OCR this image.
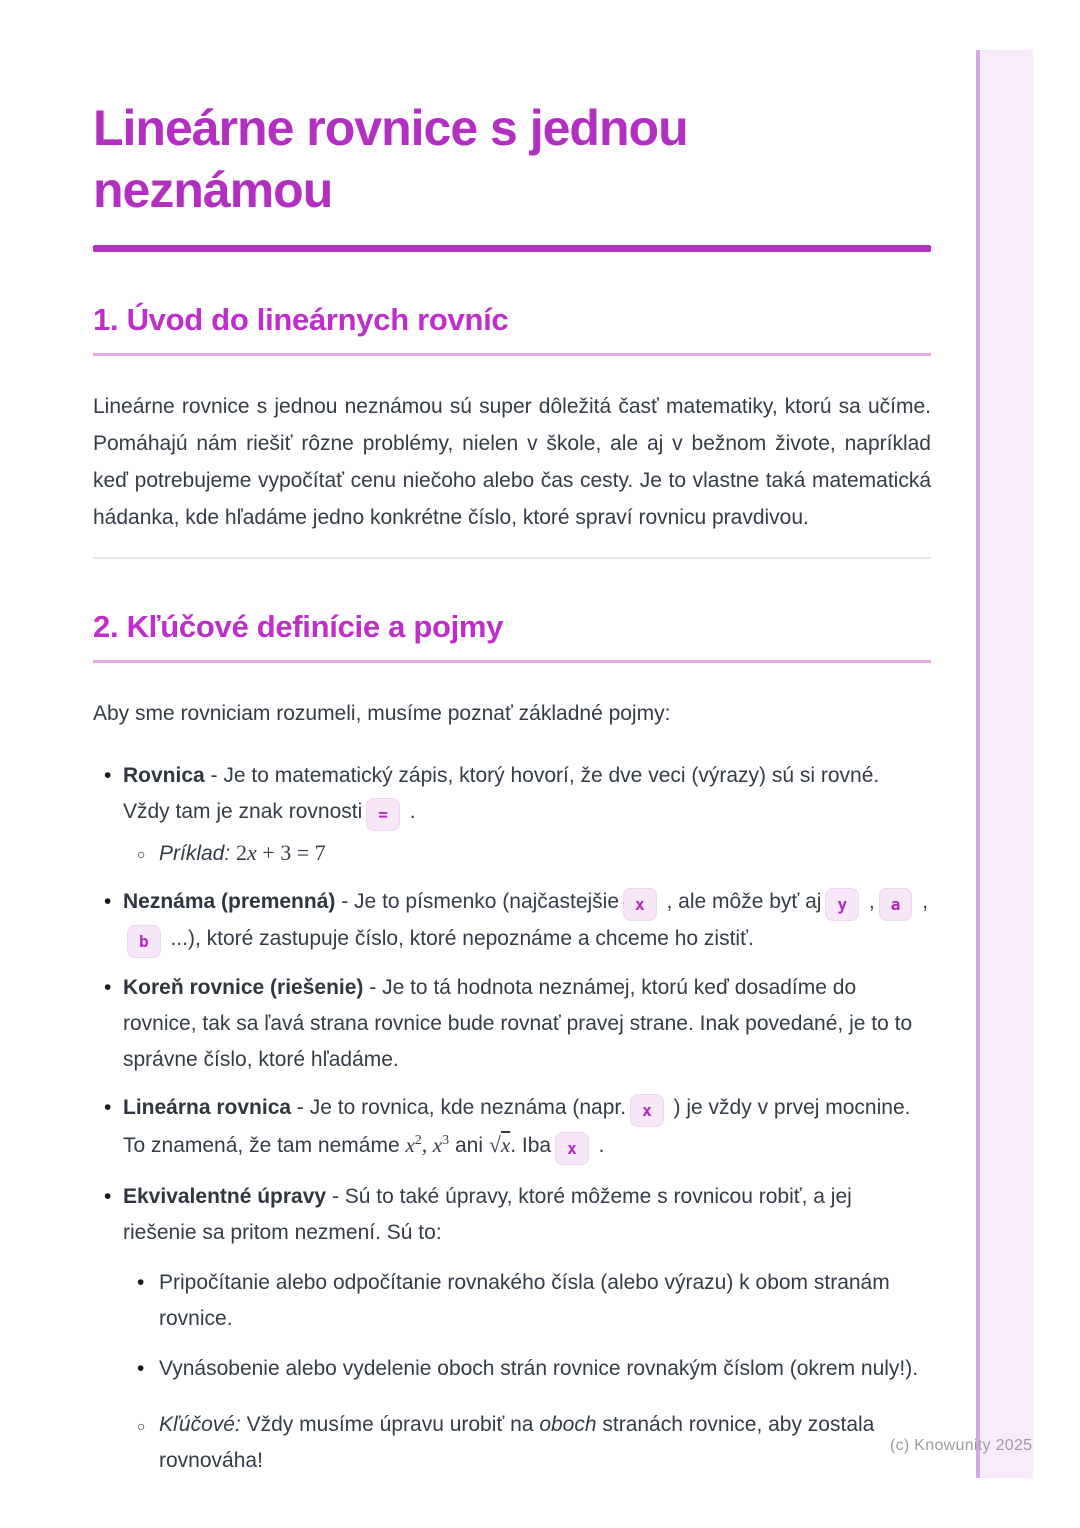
(c) Knowunity 2025
Lineárne rovnice s jednou neznámou
1. Úvod do lineárnych rovníc

Lineárne rovnice s jednou neznámou sú super dôležitá časť matematiky, ktorú sa učíme. Pomáhajú nám riešiť rôzne problémy, nielen v škole, ale aj v bežnom živote, napríklad keď potrebujeme vypočítať cenu niečoho alebo čas cesty. Je to vlastne taká matematická hádanka, kde hľadáme jedno konkrétne číslo, ktoré spraví rovnicu pravdivou.

2. Kľúčové definície a pojmy

Aby sme rovniciam rozumeli, musíme poznať základné pojmy:

• Rovnica - Je to matematický zápis, ktorý hovorí, že dve veci (výrazy) sú si rovné. Vždy tam je znak rovnosti = .
○ Príklad: 2x + 3 = 7
• Neznáma (premenná) - Je to písmenko (najčastejšie x , ale môže byť aj y , a ,b ...), ktoré zastupuje číslo, ktoré nepoznáme a chceme ho zistiť.
• Koreň rovnice (riešenie) - Je to tá hodnota neznámej, ktorú keď dosadíme do rovnice, tak sa ľavá strana rovnice bude rovnať pravej strane. Inak povedané, je to to správne číslo, ktoré hľadáme.
• Lineárna rovnica - Je to rovnica, kde neznáma (napr. x ) je vždy v prvej mocnine. To znamená, že tam nemáme $x^2$, $x^3$ ani √x. Iba x .
• Ekvivalentné úpravy - Sú to také úpravy, ktoré môžeme s rovnicou robiť, a jej riešenie sa pritom nezmení. Sú to:
• Pripočítanie alebo odpočítanie rovnakého čísla (alebo výrazu) k obom stranám rovnice.
• Vynásobenie alebo vydelenie oboch strán rovnice rovnakým číslom (okrem nuly!).
○ Kľúčové: Vždy musíme úpravu urobiť na oboch stranách rovnice, aby zostala rovnováha!
